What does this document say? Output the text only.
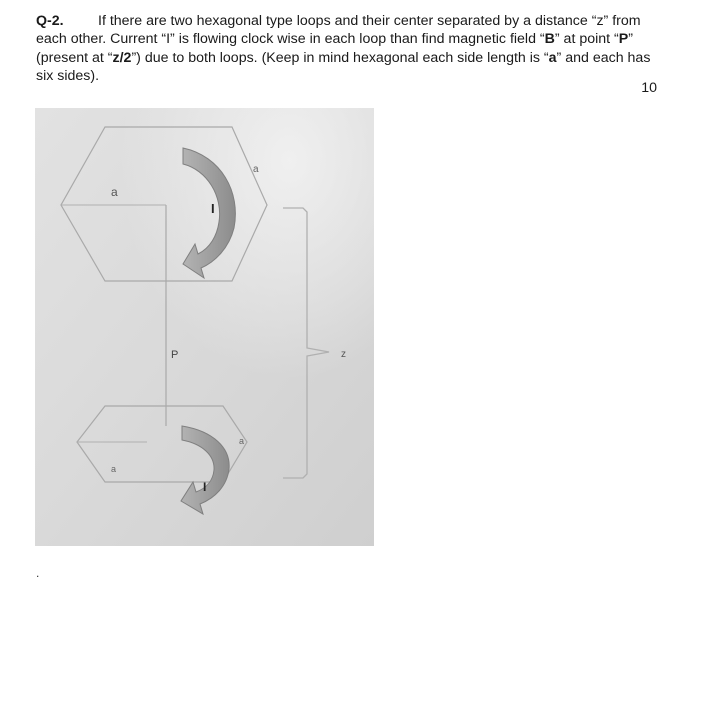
Q-2. If there are two hexagonal type loops and their center separated by a distance “z” from each other. Current “I” is flowing clock wise in each loop than find magnetic field “B” at point “P” (present at “z/2”) due to both loops. (Keep in mind hexagonal each side length is “a” and each has six sides).
10
a
a
I
P	z
a
a
I
.
